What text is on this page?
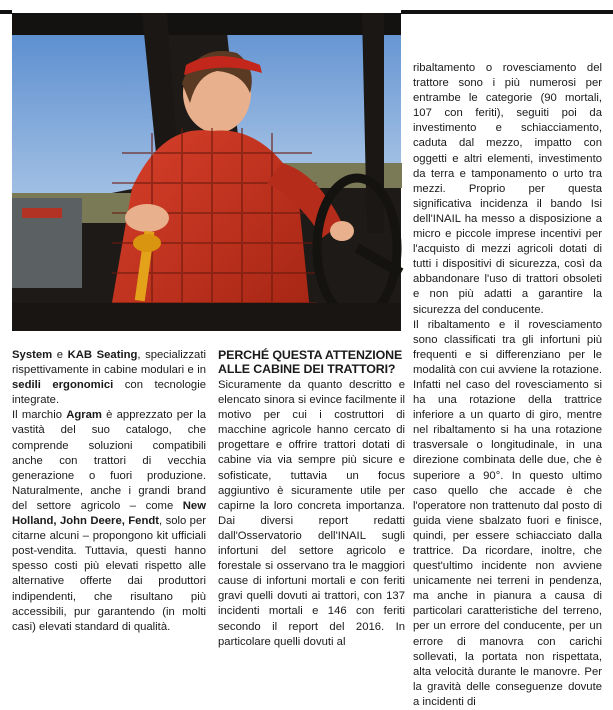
System e KAB Seating, specializzati rispettivamente in cabine modulari e in sedili ergonomici con tecnologie integrate.

Il marchio Agram è apprezzato per la vastità del suo catalogo, che comprende soluzioni compatibili anche con trattori di vecchia generazione o fuori produzione. Naturalmente, anche i grandi brand del settore agricolo – come New Holland, John Deere, Fendt, solo per citarne alcuni – propongono kit ufficiali post-vendita. Tuttavia, questi hanno spesso costi più elevati rispetto alle alternative offerte dai produttori indipendenti, che risultano più accessibili, pur garantendo (in molti casi) elevati standard di qualità.

PERCHÉ QUESTA ATTENZIONE ALLE CABINE DEI TRATTORI?

Sicuramente da quanto descritto e elencato sinora si evince facilmente il motivo per cui i costruttori di macchine agricole hanno cercato di progettare e offrire trattori dotati di cabine via via sempre più sicure e sofisticate, tuttavia un focus aggiuntivo è sicuramente utile per capirne la loro concreta importanza. Dai diversi report redatti dall'Osservatorio dell'INAIL sugli infortuni del settore agricolo e forestale si osservano tra le maggiori cause di infortuni mortali e con feriti gravi quelli dovuti ai trattori, con 137 incidenti mortali e 146 con feriti secondo il report del 2016. In particolare quelli dovuti al

ribaltamento o rovesciamento del trattore sono i più numerosi per entrambe le categorie (90 mortali, 107 con feriti), seguiti poi da investimento e schiacciamento, caduta dal mezzo, impatto con oggetti e altri elementi, investimento da terra e tamponamento o urto tra mezzi. Proprio per questa significativa incidenza il bando Isi dell'INAIL ha messo a disposizione a micro e piccole imprese incentivi per l'acquisto di mezzi agricoli dotati di tutti i dispositivi di sicurezza, così da abbandonare l'uso di trattori obsoleti e non più adatti a garantire la sicurezza del conducente.

Il ribaltamento e il rovesciamento sono classificati tra gli infortuni più frequenti e si differenziano per le modalità con cui avviene la rotazione. Infatti nel caso del rovesciamento si ha una rotazione della trattrice inferiore a un quarto di giro, mentre nel ribaltamento si ha una rotazione trasversale o longitudinale, in una direzione combinata delle due, che è superiore a 90°. In questo ultimo caso quello che accade è che l'operatore non trattenuto dal posto di guida viene sbalzato fuori e finisce, quindi, per essere schiacciato dalla trattrice. Da ricordare, inoltre, che quest'ultimo incidente non avviene unicamente nei terreni in pendenza, ma anche in pianura a causa di particolari caratteristiche del terreno, per un errore del conducente, per un errore di manovra con carichi sollevati, la portata non rispettata, alta velocità durante le manovre. Per la gravità delle conseguenze dovute a incidenti di
